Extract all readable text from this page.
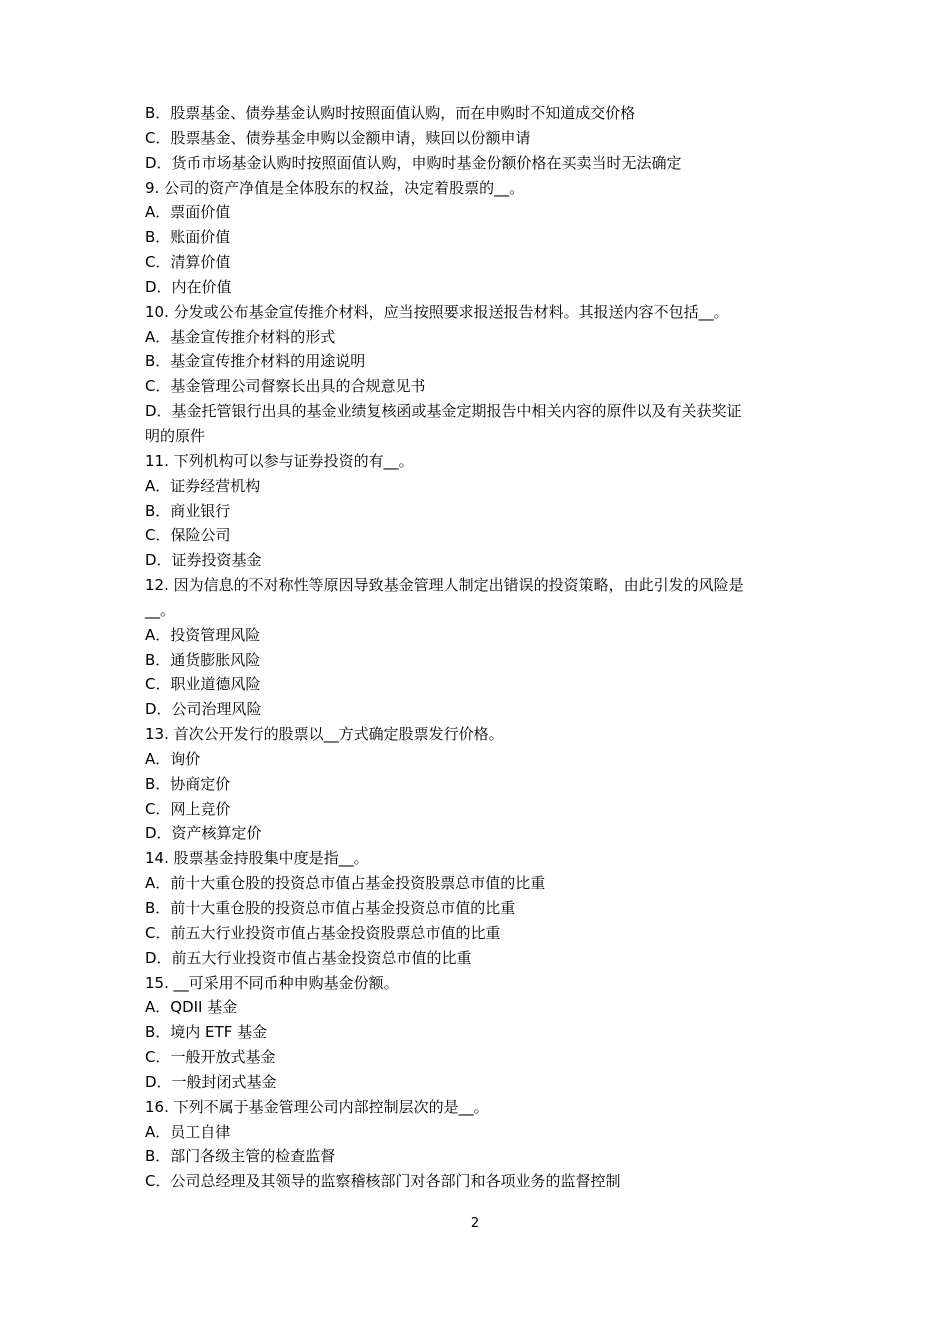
B．股票基金、债券基金认购时按照面值认购，而在申购时不知道成交价格

C．股票基金、债券基金申购以金额申请，赎回以份额申请

D．货币市场基金认购时按照面值认购，申购时基金份额价格在买卖当时无法确定

9. 公司的资产净值是全体股东的权益，决定着股票的__。

A．票面价值

B．账面价值

C．清算价值

D．内在价值

10. 分发或公布基金宣传推介材料，应当按照要求报送报告材料。其报送内容不包括__。

A．基金宣传推介材料的形式

B．基金宣传推介材料的用途说明

C．基金管理公司督察长出具的合规意见书

D．基金托管银行出具的基金业绩复核函或基金定期报告中相关内容的原件以及有关获奖证

明的原件

11. 下列机构可以参与证券投资的有__。

A．证券经营机构

B．商业银行

C．保险公司

D．证券投资基金

12. 因为信息的不对称性等原因导致基金管理人制定出错误的投资策略，由此引发的风险是

__。

A．投资管理风险

B．通货膨胀风险

C．职业道德风险

D．公司治理风险

13. 首次公开发行的股票以__方式确定股票发行价格。

A．询价

B．协商定价

C．网上竞价

D．资产核算定价

14. 股票基金持股集中度是指__。

A．前十大重仓股的投资总市值占基金投资股票总市值的比重

B．前十大重仓股的投资总市值占基金投资总市值的比重

C．前五大行业投资市值占基金投资股票总市值的比重

D．前五大行业投资市值占基金投资总市值的比重

15. __可采用不同币种申购基金份额。

A．QDII 基金

B．境内 ETF 基金

C．一般开放式基金

D．一般封闭式基金

16. 下列不属于基金管理公司内部控制层次的是__。

A．员工自律

B．部门各级主管的检查监督

C．公司总经理及其领导的监察稽核部门对各部门和各项业务的监督控制

2
